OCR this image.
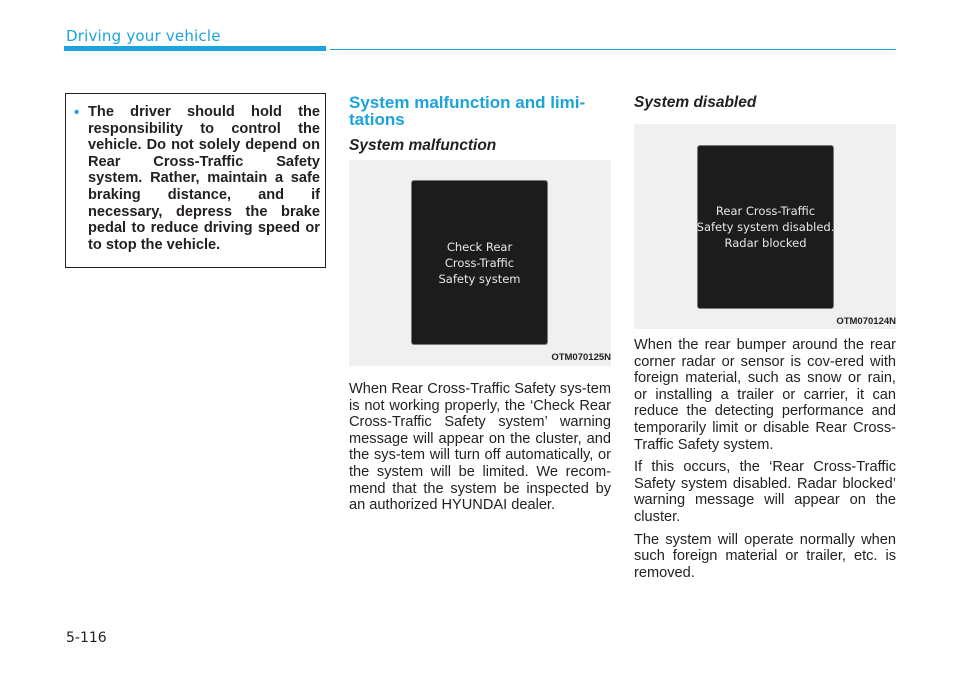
Driving your vehicle
• The driver should hold the responsibility to control the vehicle. Do not solely depend on Rear Cross-Traffic Safety system. Rather, maintain a safe braking distance, and if necessary, depress the brake pedal to reduce driving speed or to stop the vehicle.
System malfunction and limi-
tations
System malfunction
Check Rear
Cross-Traffic
Safety system
OTM070125N
When Rear Cross-Traffic Safety sys-tem is not working properly, the ‘Check Rear Cross-Traffic Safety system’ warning message will appear on the cluster, and the sys-tem will turn off automatically, or the system will be limited. We recom-mend that the system be inspected by an authorized HYUNDAI dealer.
System disabled
Rear Cross-Traffic
Safety system disabled.
Radar blocked
OTM070124N
When the rear bumper around the rear corner radar or sensor is cov-ered with foreign material, such as snow or rain, or installing a trailer or carrier, it can reduce the detecting performance and temporarily limit or disable Rear Cross-Traffic Safety system.
If this occurs, the ‘Rear Cross-Traffic Safety system disabled. Radar blocked’ warning message will appear on the cluster.
The system will operate normally when such foreign material or trailer, etc. is removed.
5-116
